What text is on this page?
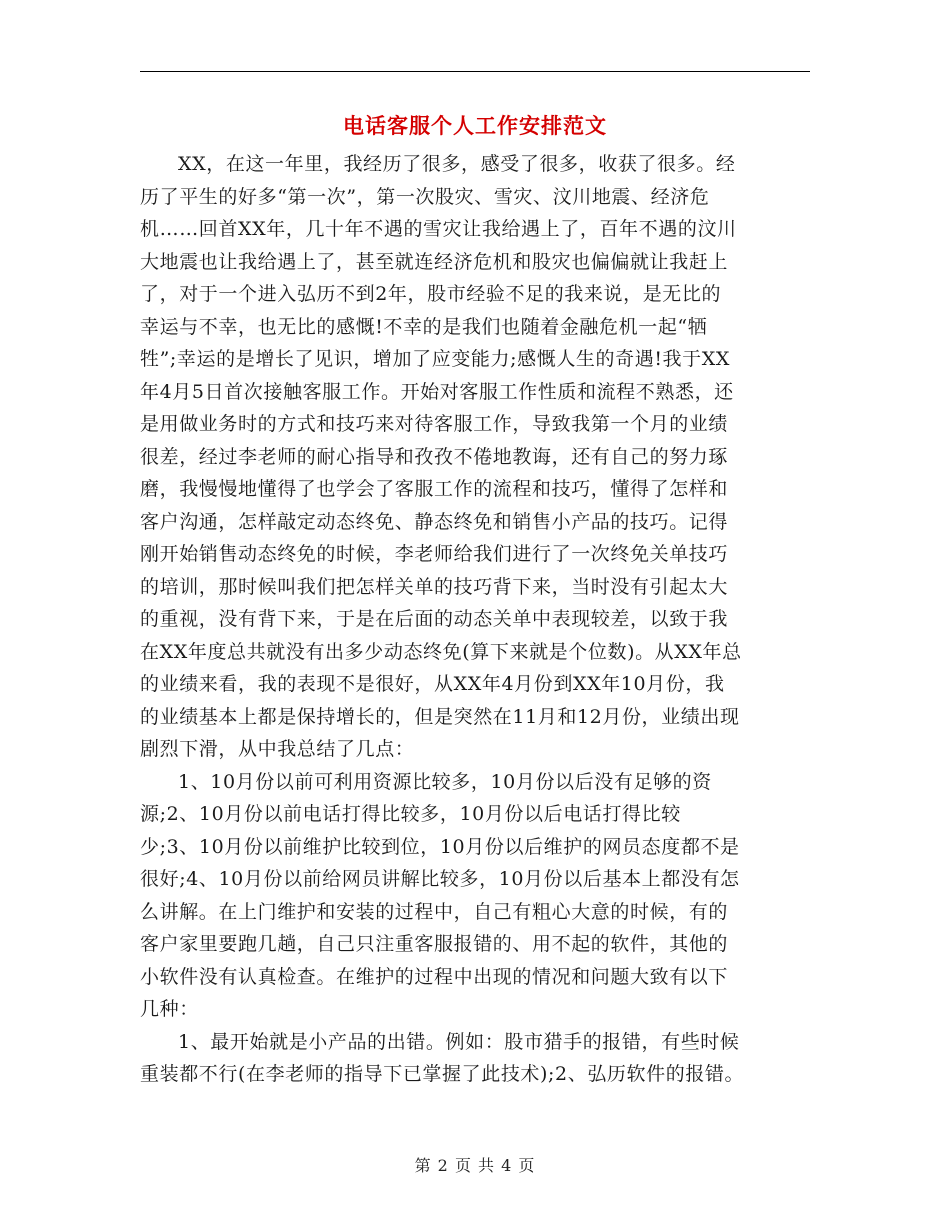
电话客服个人工作安排范文
XX，在这一年里，我经历了很多，感受了很多，收获了很多。经
历了平生的好多“第一次”，第一次股灾、雪灾、汶川地震、经济危
机……回首XX年，几十年不遇的雪灾让我给遇上了，百年不遇的汶川
大地震也让我给遇上了，甚至就连经济危机和股灾也偏偏就让我赶上
了，对于一个进入弘历不到2年，股市经验不足的我来说，是无比的
幸运与不幸，也无比的感慨!不幸的是我们也随着金融危机一起“牺
牲”;幸运的是增长了见识，增加了应变能力;感慨人生的奇遇!我于XX
年4月5日首次接触客服工作。开始对客服工作性质和流程不熟悉，还
是用做业务时的方式和技巧来对待客服工作，导致我第一个月的业绩
很差，经过李老师的耐心指导和孜孜不倦地教诲，还有自己的努力琢
磨，我慢慢地懂得了也学会了客服工作的流程和技巧，懂得了怎样和
客户沟通，怎样敲定动态终免、静态终免和销售小产品的技巧。记得
刚开始销售动态终免的时候，李老师给我们进行了一次终免关单技巧
的培训，那时候叫我们把怎样关单的技巧背下来，当时没有引起太大
的重视，没有背下来，于是在后面的动态关单中表现较差，以致于我
在XX年度总共就没有出多少动态终免(算下来就是个位数)。从XX年总
的业绩来看，我的表现不是很好，从XX年4月份到XX年10月份，我
的业绩基本上都是保持增长的，但是突然在11月和12月份，业绩出现
剧烈下滑，从中我总结了几点：
1、10月份以前可利用资源比较多，10月份以后没有足够的资
源;2、10月份以前电话打得比较多，10月份以后电话打得比较
少;3、10月份以前维护比较到位，10月份以后维护的网员态度都不是
很好;4、10月份以前给网员讲解比较多，10月份以后基本上都没有怎
么讲解。在上门维护和安装的过程中，自己有粗心大意的时候，有的
客户家里要跑几趟，自己只注重客服报错的、用不起的软件，其他的
小软件没有认真检查。在维护的过程中出现的情况和问题大致有以下
几种：
1、最开始就是小产品的出错。例如：股市猎手的报错，有些时候
重装都不行(在李老师的指导下已掌握了此技术);2、弘历软件的报错。
第 2 页 共 4 页
